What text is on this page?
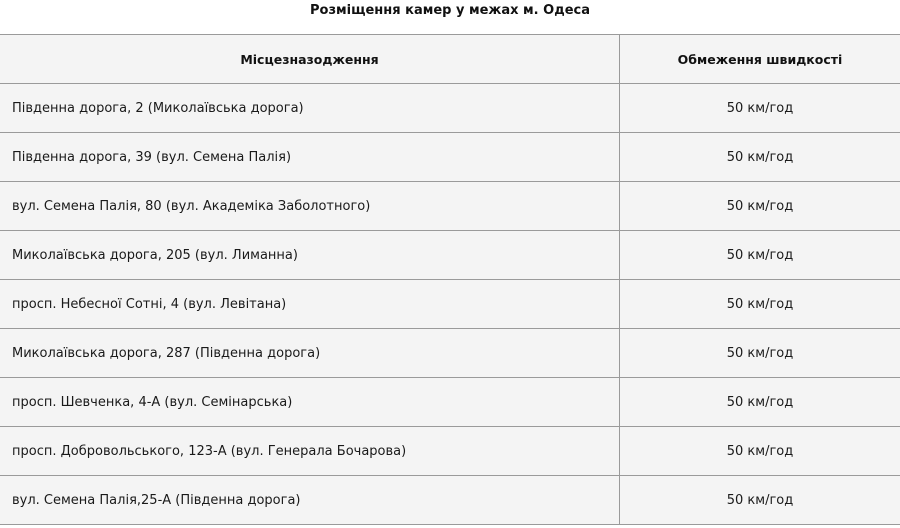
Розміщення камер у межах м. Одеса
Місцезназодження	Обмеження швидкості
Південна дорога, 2 (Миколаївська дорога)	50 км/год
Південна дорога, 39 (вул. Семена Палія)	50 км/год
вул. Семена Палія, 80 (вул. Академіка Заболотного)	50 км/год
Миколаївська дорога, 205 (вул. Лиманна)	50 км/год
просп. Небесної Сотні, 4 (вул. Левітана)	50 км/год
Миколаївська дорога, 287 (Південна дорога)	50 км/год
просп. Шевченка, 4-А (вул. Семінарська)	50 км/год
просп. Добровольського, 123-А (вул. Генерала Бочарова)	50 км/год
вул. Семена Палія,25-А (Південна дорога)	50 км/год
